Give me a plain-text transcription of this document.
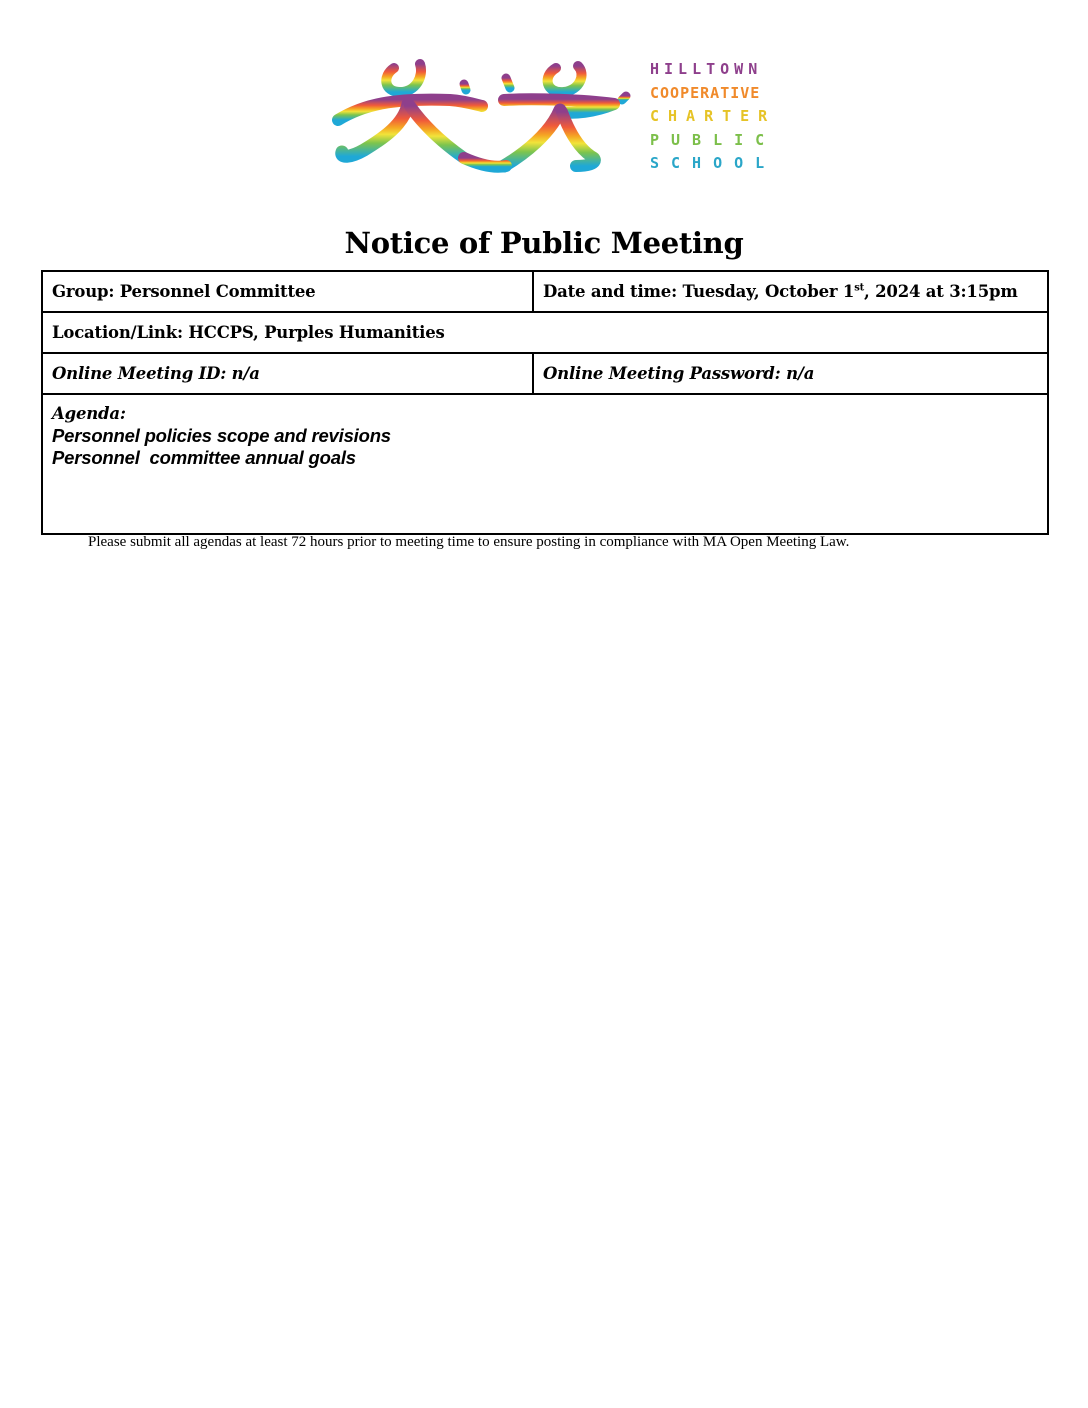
HILLTOWN
COOPERATIVE
CHARTER
PUBLIC
SCHOOL
Notice of Public Meeting
Group: Personnel Committee	Date and time: Tuesday, October 1st, 2024 at 3:15pm
Location/Link: HCCPS, Purples Humanities	
Online Meeting ID: n/a	Online Meeting Password: n/a

Agenda:
Personnel policies scope and revisions
Personnel  committee annual goals	
Please submit all agendas at least 72 hours prior to meeting time to ensure posting in compliance with MA Open Meeting Law.
